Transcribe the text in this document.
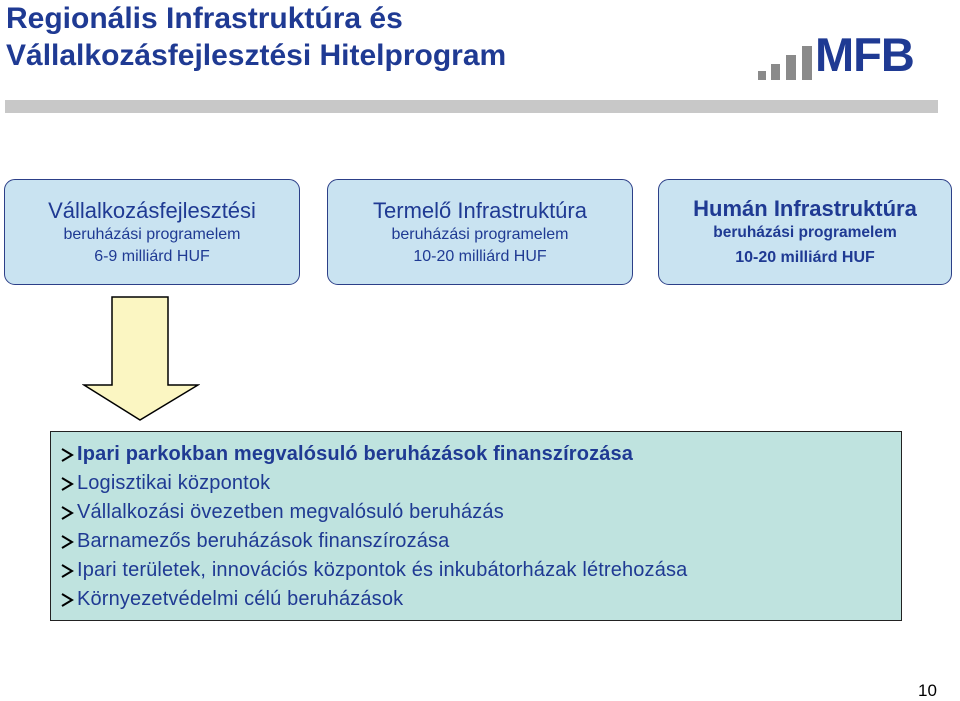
Regionális Infrastruktúra és
Vállalkozásfejlesztési Hitelprogram	MFB
Vállalkozásfejlesztési
beruházási programelem
6-9 milliárd HUF
Termelő Infrastruktúra
beruházási programelem
10-20 milliárd HUF
Humán Infrastruktúra
beruházási programelem
10-20 milliárd HUF
Ipari parkokban megvalósuló beruházások finanszírozása
Logisztikai központok
Vállalkozási övezetben megvalósuló beruházás
Barnamezős beruházások finanszírozása
Ipari területek, innovációs központok és inkubátorházak létrehozása
Környezetvédelmi célú beruházások
10
